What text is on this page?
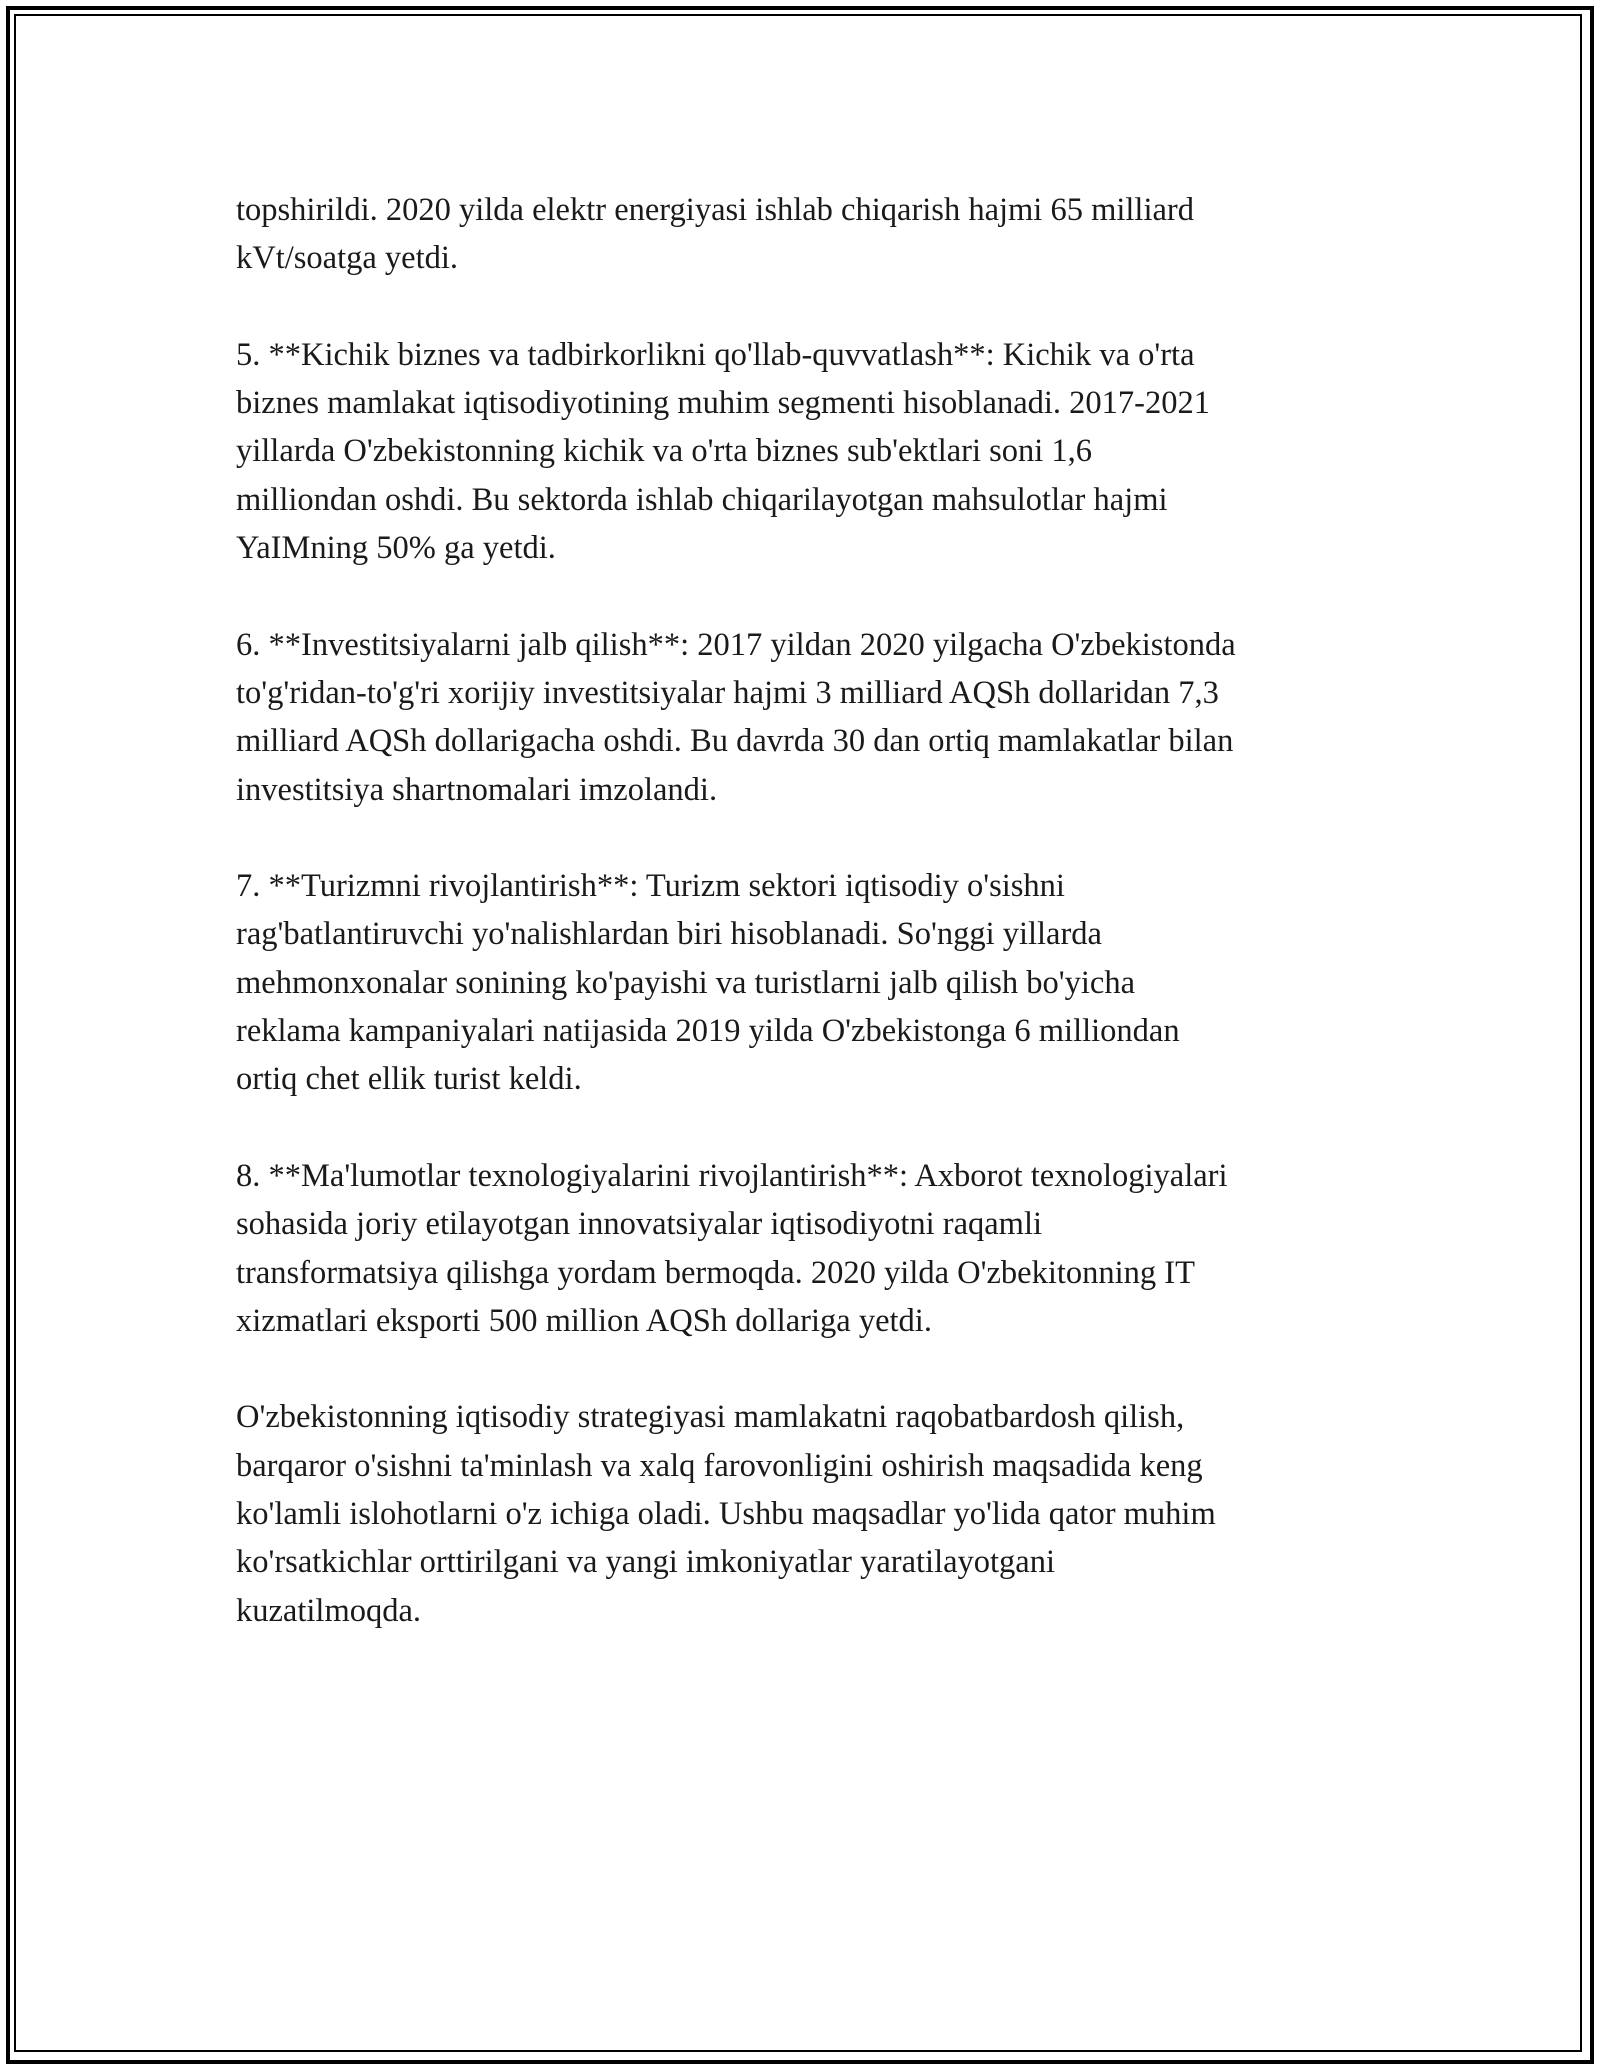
topshirildi. 2020 yilda elektr energiyasi ishlab chiqarish hajmi 65 milliard
kVt/soatga yetdi.

5. **Kichik biznes va tadbirkorlikni qo'llab-quvvatlash**: Kichik va o'rta
biznes mamlakat iqtisodiyotining muhim segmenti hisoblanadi. 2017-2021
yillarda O'zbekistonning kichik va o'rta biznes sub'ektlari soni 1,6
milliondan oshdi. Bu sektorda ishlab chiqarilayotgan mahsulotlar hajmi
YaIMning 50% ga yetdi.

6. **Investitsiyalarni jalb qilish**: 2017 yildan 2020 yilgacha O'zbekistonda
to'g'ridan-to'g'ri xorijiy investitsiyalar hajmi 3 milliard AQSh dollaridan 7,3
milliard AQSh dollarigacha oshdi. Bu davrda 30 dan ortiq mamlakatlar bilan
investitsiya shartnomalari imzolandi.

7. **Turizmni rivojlantirish**: Turizm sektori iqtisodiy o'sishni
rag'batlantiruvchi yo'nalishlardan biri hisoblanadi. So'nggi yillarda
mehmonxonalar sonining ko'payishi va turistlarni jalb qilish bo'yicha
reklama kampaniyalari natijasida 2019 yilda O'zbekistonga 6 milliondan
ortiq chet ellik turist keldi.

8. **Ma'lumotlar texnologiyalarini rivojlantirish**: Axborot texnologiyalari
sohasida joriy etilayotgan innovatsiyalar iqtisodiyotni raqamli
transformatsiya qilishga yordam bermoqda. 2020 yilda O'zbekitonning IT
xizmatlari eksporti 500 million AQSh dollariga yetdi.

O'zbekistonning iqtisodiy strategiyasi mamlakatni raqobatbardosh qilish,
barqaror o'sishni ta'minlash va xalq farovonligini oshirish maqsadida keng
ko'lamli islohotlarni o'z ichiga oladi. Ushbu maqsadlar yo'lida qator muhim
ko'rsatkichlar orttirilgani va yangi imkoniyatlar yaratilayotgani
kuzatilmoqda.
